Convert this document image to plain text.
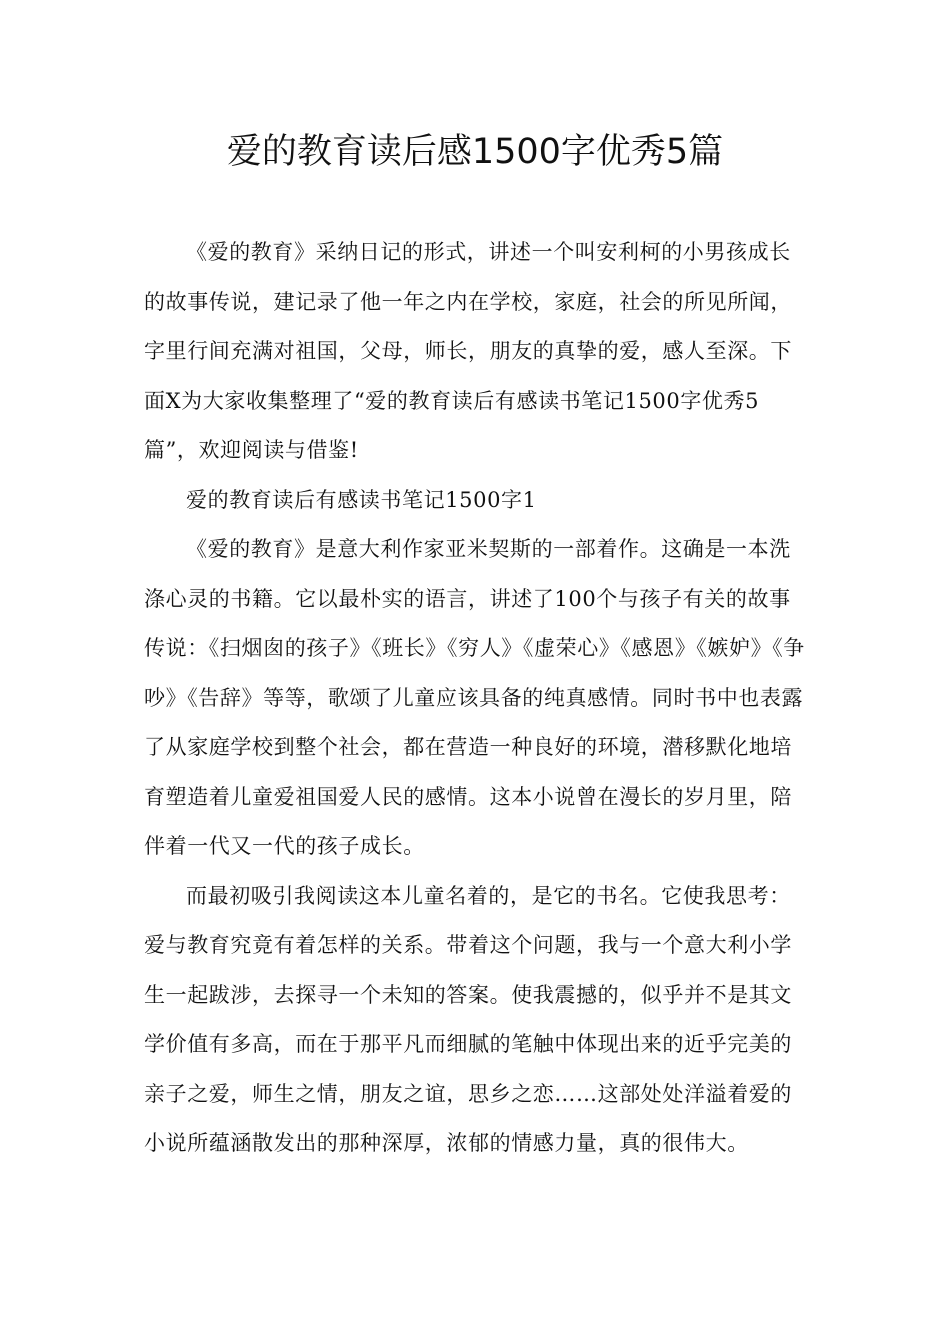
爱的教育读后感1500字优秀5篇

《爱的教育》采纳日记的形式，讲述一个叫安利柯的小男孩成长的故事传说，建记录了他一年之内在学校，家庭，社会的所见所闻，字里行间充满对祖国，父母，师长，朋友的真挚的爱，感人至深。下面X为大家收集整理了“爱的教育读后有感读书笔记1500字优秀5篇”，欢迎阅读与借鉴!

爱的教育读后有感读书笔记1500字1

《爱的教育》是意大利作家亚米契斯的一部着作。这确是一本洗涤心灵的书籍。它以最朴实的语言，讲述了100个与孩子有关的故事传说：《扫烟囱的孩子》《班长》《穷人》《虚荣心》《感恩》《嫉妒》《争吵》《告辞》等等，歌颂了儿童应该具备的纯真感情。同时书中也表露了从家庭学校到整个社会，都在营造一种良好的环境，潜移默化地培育塑造着儿童爱祖国爱人民的感情。这本小说曾在漫长的岁月里，陪伴着一代又一代的孩子成长。

而最初吸引我阅读这本儿童名着的，是它的书名。它使我思考：爱与教育究竟有着怎样的关系。带着这个问题，我与一个意大利小学生一起跋涉，去探寻一个未知的答案。使我震撼的，似乎并不是其文学价值有多高，而在于那平凡而细腻的笔触中体现出来的近乎完美的亲子之爱，师生之情，朋友之谊，思乡之恋……这部处处洋溢着爱的小说所蕴涵散发出的那种深厚，浓郁的情感力量，真的很伟大。
